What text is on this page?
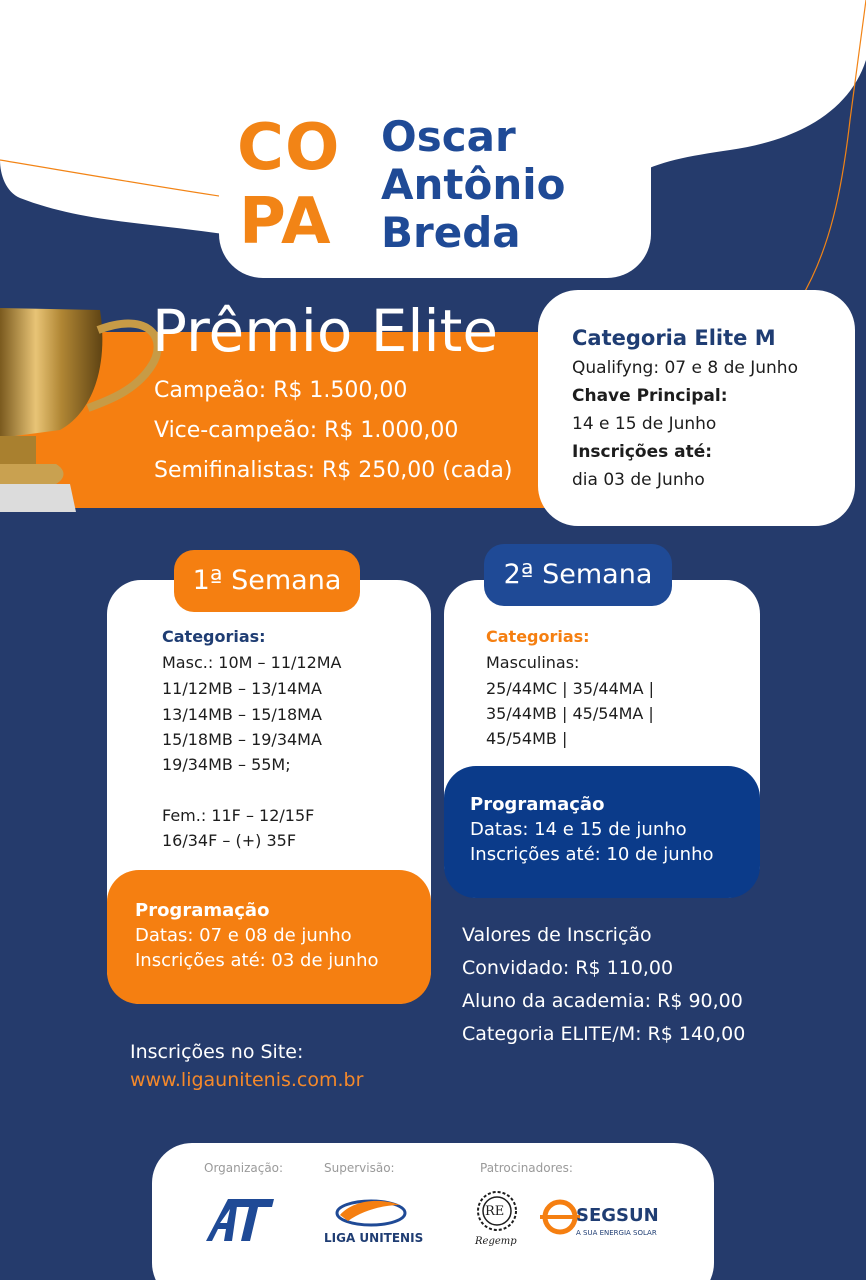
CO
PA
Oscar
Antônio
Breda
Prêmio Elite
Campeão: R$ 1.500,00
Vice-campeão: R$ 1.000,00
Semifinalistas: R$ 250,00 (cada)
Categoria Elite M
Qualifyng: 07 e 8 de Junho
Chave Principal:
14 e 15 de Junho
Inscrições até:
dia 03 de Junho
1ª Semana
Categorias:
Masc.: 10M – 11/12MA
11/12MB – 13/14MA
13/14MB – 15/18MA
15/18MB – 19/34MA
19/34MB – 55M;
Fem.: 11F – 12/15F
16/34F – (+) 35F
Programação
Datas: 07 e 08 de junho
Inscrições até: 03 de junho
2ª Semana
Categorias:
Masculinas:
25/44MC | 35/44MA |
35/44MB | 45/54MA |
45/54MB |
Programação
Datas: 14 e 15 de junho
Inscrições até: 10 de junho
Valores de Inscrição
Convidado: R$ 110,00
Aluno da academia: R$ 90,00
Categoria ELITE/M: R$ 140,00
Inscrições no Site:
www.ligaunitenis.com.br
Organização:	Supervisão:	Patrocinadores:
LIGA UNITENIS
RE
Regemp
SEGSUN
A SUA ENERGIA SOLAR
